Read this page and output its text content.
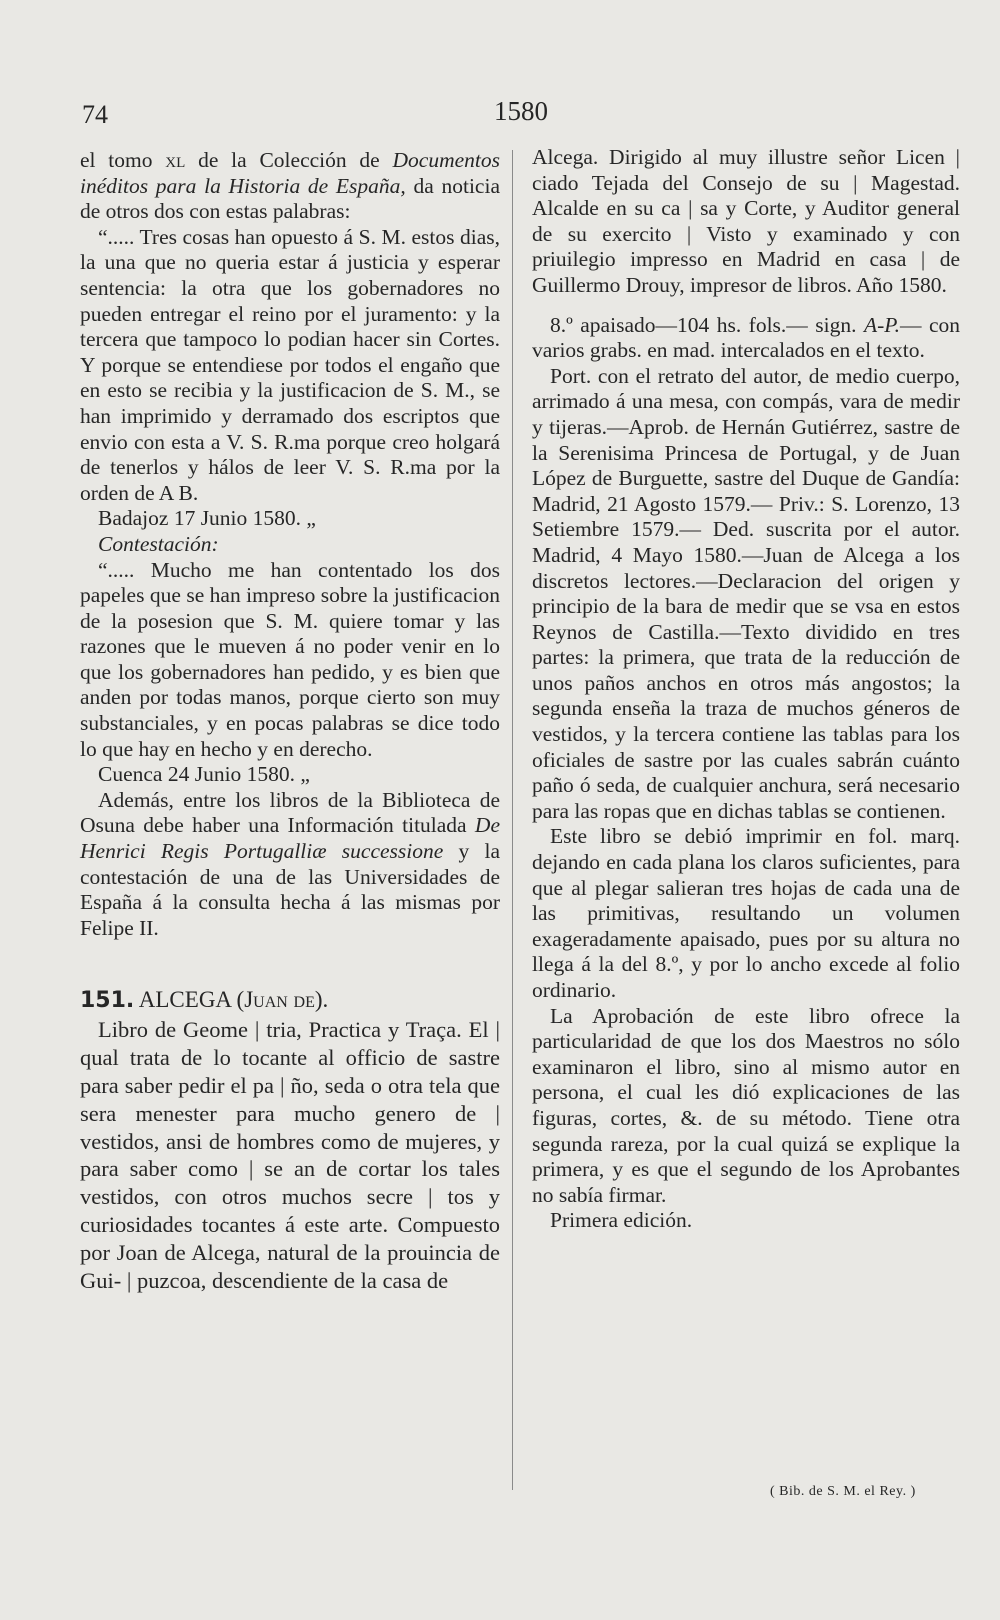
74	1580

el tomo xl de la Colección de Documentos inéditos para la Historia de España, da noticia de otros dos con estas palabras:

“..... Tres cosas han opuesto á S. M. estos dias, la una que no queria estar á justicia y esperar sentencia: la otra que los gobernadores no pueden entregar el reino por el juramento: y la tercera que tampoco lo podian hacer sin Cortes. Y porque se entendiese por todos el engaño que en esto se recibia y la justificacion de S. M., se han imprimido y derramado dos escriptos que envio con esta a V. S. R.ma porque creo holgará de tenerlos y hálos de leer V. S. R.ma por la orden de A B.

Badajoz 17 Junio 1580. „

Contestación:

“..... Mucho me han contentado los dos papeles que se han impreso sobre la justificacion de la posesion que S. M. quiere tomar y las razones que le mueven á no poder venir en lo que los gobernadores han pedido, y es bien que anden por todas manos, porque cierto son muy substanciales, y en pocas palabras se dice todo lo que hay en hecho y en derecho.

Cuenca 24 Junio 1580. „

Además, entre los libros de la Biblioteca de Osuna debe haber una Información titulada De Henrici Regis Portugalliæ successione y la contestación de una de las Universidades de España á la consulta hecha á las mismas por Felipe II.

151. ALCEGA (Juan de).

Libro de Geome | tria, Practica y Traça. El | qual trata de lo tocante al officio de sastre para saber pedir el pa | ño, seda o otra tela que sera menester para mucho genero de | vestidos, ansi de hombres como de mujeres, y para saber como | se an de cortar los tales vestidos, con otros muchos secre | tos y curiosidades tocantes á este arte. Compuesto por Joan de Alcega, natural de la prouincia de Gui- | puzcoa, descendiente de la casa de

Alcega. Dirigido al muy illustre señor Licen | ciado Tejada del Consejo de su | Magestad. Alcalde en su ca | sa y Corte, y Auditor general de su exercito | Visto y examinado y con priuilegio impresso en Madrid en casa | de Guillermo Drouy, impresor de libros. Año 1580.

8.º apaisado—104 hs. fols.— sign. A-P.— con varios grabs. en mad. intercalados en el texto.

Port. con el retrato del autor, de medio cuerpo, arrimado á una mesa, con compás, vara de medir y tijeras.—Aprob. de Hernán Gutiérrez, sastre de la Serenisima Princesa de Portugal, y de Juan López de Burguette, sastre del Duque de Gandía: Madrid, 21 Agosto 1579.— Priv.: S. Lorenzo, 13 Setiembre 1579.— Ded. suscrita por el autor. Madrid, 4 Mayo 1580.—Juan de Alcega a los discretos lectores.—Declaracion del origen y principio de la bara de medir que se vsa en estos Reynos de Castilla.—Texto dividido en tres partes: la primera, que trata de la reducción de unos paños anchos en otros más angostos; la segunda enseña la traza de muchos géneros de vestidos, y la tercera contiene las tablas para los oficiales de sastre por las cuales sabrán cuánto paño ó seda, de cualquier anchura, será necesario para las ropas que en dichas tablas se contienen.

Este libro se debió imprimir en fol. marq. dejando en cada plana los claros suficientes, para que al plegar salieran tres hojas de cada una de las primitivas, resultando un volumen exageradamente apaisado, pues por su altura no llega á la del 8.º, y por lo ancho excede al folio ordinario.

La Aprobación de este libro ofrece la particularidad de que los dos Maestros no sólo examinaron el libro, sino al mismo autor en persona, el cual les dió explicaciones de las figuras, cortes, &. de su método. Tiene otra segunda rareza, por la cual quizá se explique la primera, y es que el segundo de los Aprobantes no sabía firmar.

Primera edición.

( Bib. de S. M. el Rey. )
